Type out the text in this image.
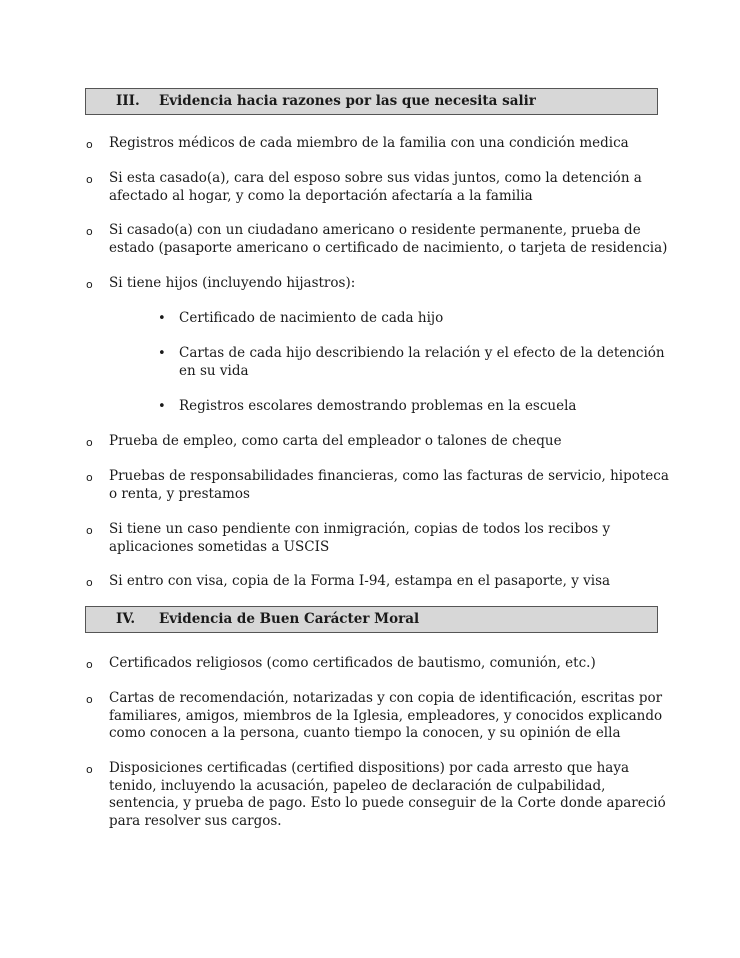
III. Evidencia hacia razones por las que necesita salir
o Registros médicos de cada miembro de la familia con una condición medica
o Si esta casado(a), cara del esposo sobre sus vidas juntos, como la detención a
afectado al hogar, y como la deportación afectaría a la familia
o Si casado(a) con un ciudadano americano o residente permanente, prueba de
estado (pasaporte americano o certificado de nacimiento, o tarjeta de residencia)
o Si tiene hijos (incluyendo hijastros):
• Certificado de nacimiento de cada hijo
• Cartas de cada hijo describiendo la relación y el efecto de la detención
en su vida
• Registros escolares demostrando problemas en la escuela
o Prueba de empleo, como carta del empleador o talones de cheque
o Pruebas de responsabilidades financieras, como las facturas de servicio, hipoteca
o renta, y prestamos
o Si tiene un caso pendiente con inmigración, copias de todos los recibos y
aplicaciones sometidas a USCIS
o Si entro con visa, copia de la Forma I-94, estampa en el pasaporte, y visa
IV. Evidencia de Buen Carácter Moral
o Certificados religiosos (como certificados de bautismo, comunión, etc.)
o Cartas de recomendación, notarizadas y con copia de identificación, escritas por
familiares, amigos, miembros de la Iglesia, empleadores, y conocidos explicando
como conocen a la persona, cuanto tiempo la conocen, y su opinión de ella
o Disposiciones certificadas (certified dispositions) por cada arresto que haya
tenido, incluyendo la acusación, papeleo de declaración de culpabilidad,
sentencia, y prueba de pago. Esto lo puede conseguir de la Corte donde apareció
para resolver sus cargos.
